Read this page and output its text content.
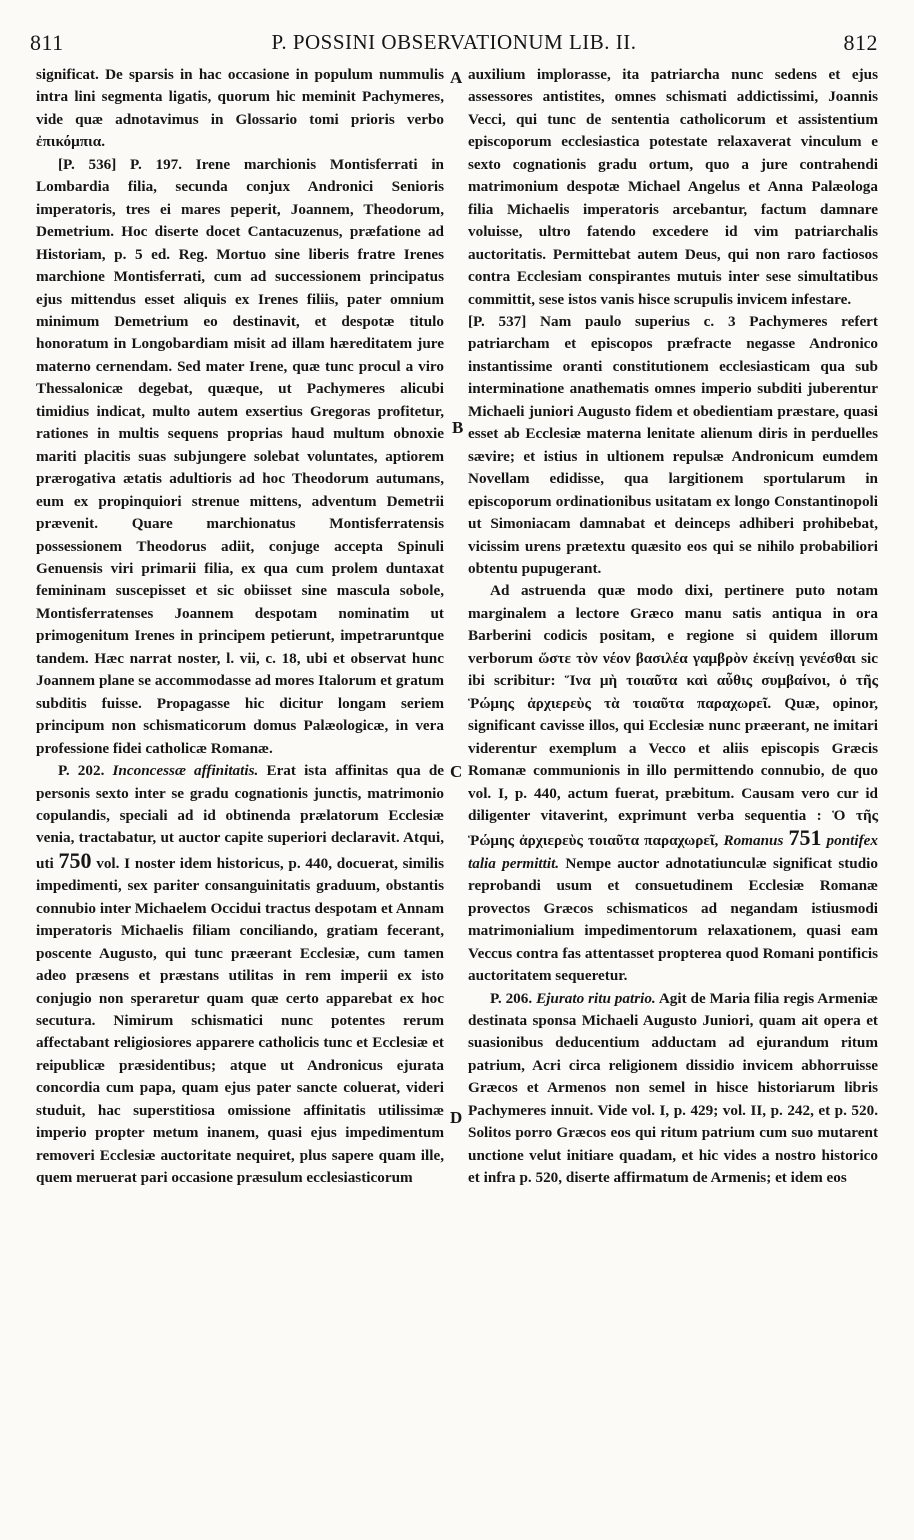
811	P. POSSINI OBSERVATIONUM LIB. II.	812

significat. De sparsis in hac occasione in populum nummulis intra lini segmenta ligatis, quorum hic meminit Pachymeres, vide quæ adnotavimus in Glossario tomi prioris verbo ἐπικόμπια.

[P. 536] P. 197. Irene marchionis Montisferrati in Lombardia filia, secunda conjux Andronici Senioris imperatoris, tres ei mares peperit, Joannem, Theodorum, Demetrium. Hoc diserte docet Cantacuzenus, præfatione ad Historiam, p. 5 ed. Reg. Mortuo sine liberis fratre Irenes marchione Montisferrati, cum ad successionem principatus ejus mittendus esset aliquis ex Irenes filiis, pater omnium minimum Demetrium eo destinavit, et despotæ titulo honoratum in Longobardiam misit ad illam hæreditatem jure materno cernendam. Sed mater Irene, quæ tunc procul a viro Thessalonicæ degebat, quæque, ut Pachymeres alicubi timidius indicat, multo autem exsertius Gregoras profitetur, rationes in multis sequens proprias haud multum obnoxie mariti placitis suas subjungere solebat voluntates, aptiorem prærogativa ætatis adultioris ad hoc Theodorum autumans, eum ex propinquiori strenue mittens, adventum Demetrii prævenit. Quare marchionatus Montisferratensis possessionem Theodorus adiit, conjuge accepta Spinuli Genuensis viri primarii filia, ex qua cum prolem duntaxat femininam suscepisset et sic obiisset sine mascula sobole, Montisferratenses Joannem despotam nominatim ut primogenitum Irenes in principem petierunt, impetraruntque tandem. Hæc narrat noster, l. vii, c. 18, ubi et observat hunc Joannem plane se accommodasse ad mores Italorum et gratum subditis fuisse. Propagasse hic dicitur longam seriem principum non schismaticorum domus Palæologicæ, in vera professione fidei catholicæ Romanæ.

P. 202. Inconcessæ affinitatis. Erat ista affinitas qua de personis sexto inter se gradu cognationis junctis, matrimonio copulandis, speciali ad id obtinenda prælatorum Ecclesiæ venia, tractabatur, ut auctor capite superiori declaravit. Atqui, uti 750 vol. I noster idem historicus, p. 440, docuerat, similis impedimenti, sex pariter consanguinitatis graduum, obstantis connubio inter Michaelem Occidui tractus despotam et Annam imperatoris Michaelis filiam conciliando, gratiam fecerant, poscente Augusto, qui tunc præerant Ecclesiæ, cum tamen adeo præsens et præstans utilitas in rem imperii ex isto conjugio non speraretur quam quæ certo apparebat ex hoc secutura. Nimirum schismatici nunc potentes rerum affectabant religiosiores apparere catholicis tunc et Ecclesiæ et reipublicæ præsidentibus; atque ut Andronicus ejurata concordia cum papa, quam ejus pater sancte coluerat, videri studuit, hac superstitiosa omissione affinitatis utilissimæ imperio propter metum inanem, quasi ejus impedimentum removeri Ecclesiæ auctoritate nequiret, plus sapere quam ille, quem meruerat pari occasione præsulum ecclesiasticorum

auxilium implorasse, ita patriarcha nunc sedens et ejus assessores antistites, omnes schismati addictissimi, Joannis Vecci, qui tunc de sententia catholicorum et assistentium episcoporum ecclesiastica potestate relaxaverat vinculum e sexto cognationis gradu ortum, quo a jure contrahendi matrimonium despotæ Michael Angelus et Anna Palæologa filia Michaelis imperatoris arcebantur, factum damnare voluisse, ultro fatendo excedere id vim patriarchalis auctoritatis. Permittebat autem Deus, qui non raro factiosos contra Ecclesiam conspirantes mutuis inter sese simultatibus committit, sese istos vanis hisce scrupulis invicem infestare.

[P. 537] Nam paulo superius c. 3 Pachymeres refert patriarcham et episcopos præfracte negasse Andronico instantissime oranti constitutionem ecclesiasticam qua sub interminatione anathematis omnes imperio subditi juberentur Michaeli juniori Augusto fidem et obedientiam præstare, quasi esset ab Ecclesiæ materna lenitate alienum diris in perduelles sævire; et istius in ultionem repulsæ Andronicum eumdem Novellam edidisse, qua largitionem sportularum in episcoporum ordinationibus usitatam ex longo Constantinopoli ut Simoniacam damnabat et deinceps adhiberi prohibebat, vicissim urens prætextu quæsito eos qui se nihilo probabiliori obtentu pupugerant.

Ad astruenda quæ modo dixi, pertinere puto notam marginalem a lectore Græco manu satis antiqua in ora Barberini codicis positam, e regione si quidem illorum verborum ὥστε τὸν νέον βασιλέα γαμβρὸν ἐκείνῃ γενέσθαι sic ibi scribitur: Ἵνα μὴ τοιαῦτα καὶ αὖθις συμβαίνοι, ὁ τῆς Ῥώμης ἀρχιερεὺς τὰ τοιαῦτα παραχωρεῖ. Quæ, opinor, significant cavisse illos, qui Ecclesiæ nunc præerant, ne imitari viderentur exemplum a Vecco et aliis episcopis Græcis Romanæ communionis in illo permittendo connubio, de quo vol. I, p. 440, actum fuerat, præbitum. Causam vero cur id diligenter vitaverint, exprimunt verba sequentia : Ὁ τῆς Ῥώμης ἀρχιερεὺς τοιαῦτα παραχωρεῖ, Romanus 751 pontifex talia permittit. Nempe auctor adnotatiunculæ significat studio reprobandi usum et consuetudinem Ecclesiæ Romanæ provectos Græcos schismaticos ad negandam istiusmodi matrimonialium impedimentorum relaxationem, quasi eam Veccus contra fas attentasset propterea quod Romani pontificis auctoritatem sequeretur.

P. 206. Ejurato ritu patrio. Agit de Maria filia regis Armeniæ destinata sponsa Michaeli Augusto Juniori, quam ait opera et suasionibus deducentium adductam ad ejurandum ritum patrium, Acri circa religionem dissidio invicem abhorruisse Græcos et Armenos non semel in hisce historiarum libris Pachymeres innuit. Vide vol. I, p. 429; vol. II, p. 242, et p. 520. Solitos porro Græcos eos qui ritum patrium cum suo mutarent unctione velut initiare quadam, et hic vides a nostro historico et infra p. 520, diserte affirmatum de Armenis; et idem eos

A
B
C
D
